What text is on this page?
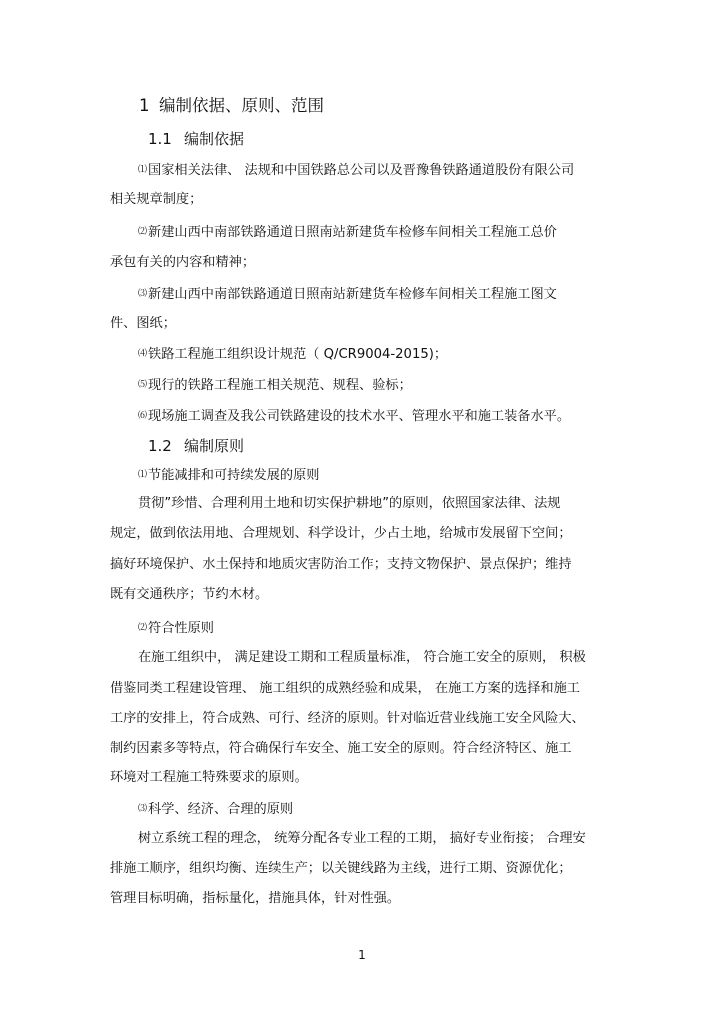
1 编制依据、原则、范围
1.1 编制依据
⑴国家相关法律、 法规和中国铁路总公司以及晋豫鲁铁路通道股份有限公司
相关规章制度；
⑵新建山西中南部铁路通道日照南站新建货车检修车间相关工程施工总价
承包有关的内容和精神；
⑶新建山西中南部铁路通道日照南站新建货车检修车间相关工程施工图文
件、图纸；
⑷铁路工程施工组织设计规范（ Q/CR9004-2015)；
⑸现行的铁路工程施工相关规范、规程、验标；
⑹现场施工调查及我公司铁路建设的技术水平、管理水平和施工装备水平。
1.2 编制原则
⑴节能减排和可持续发展的原则
贯彻”珍惜、合理利用土地和切实保护耕地”的原则，依照国家法律、法规
规定，做到依法用地、合理规划、科学设计，少占土地，给城市发展留下空间；
搞好环境保护、水土保持和地质灾害防治工作；支持文物保护、景点保护；维持
既有交通秩序；节约木材。
⑵符合性原则
在施工组织中， 满足建设工期和工程质量标准， 符合施工安全的原则， 积极
借鉴同类工程建设管理、 施工组织的成熟经验和成果， 在施工方案的选择和施工
工序的安排上，符合成熟、可行、经济的原则。针对临近营业线施工安全风险大、
制约因素多等特点，符合确保行车安全、施工安全的原则。符合经济特区、施工
环境对工程施工特殊要求的原则。
⑶科学、经济、合理的原则
树立系统工程的理念， 统筹分配各专业工程的工期， 搞好专业衔接； 合理安
排施工顺序，组织均衡、连续生产；以关键线路为主线，进行工期、资源优化；
管理目标明确，指标量化，措施具体，针对性强。
1
